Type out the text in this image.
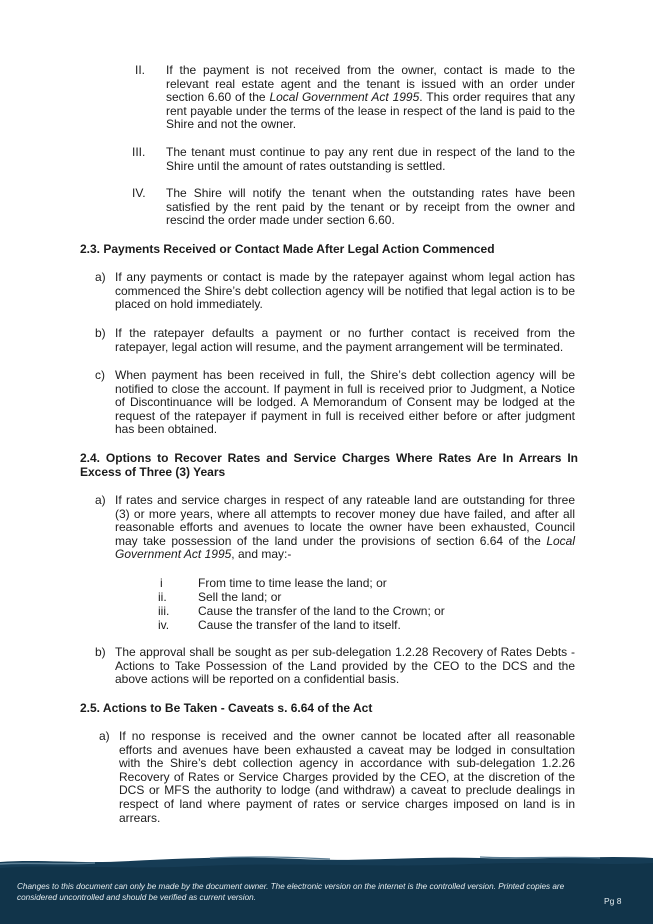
II. If the payment is not received from the owner, contact is made to the relevant real estate agent and the tenant is issued with an order under section 6.60 of the Local Government Act 1995. This order requires that any rent payable under the terms of the lease in respect of the land is paid to the Shire and not the owner.
III. The tenant must continue to pay any rent due in respect of the land to the Shire until the amount of rates outstanding is settled.
IV. The Shire will notify the tenant when the outstanding rates have been satisfied by the rent paid by the tenant or by receipt from the owner and rescind the order made under section 6.60.
2.3. Payments Received or Contact Made After Legal Action Commenced
a) If any payments or contact is made by the ratepayer against whom legal action has commenced the Shire’s debt collection agency will be notified that legal action is to be placed on hold immediately.
b) If the ratepayer defaults a payment or no further contact is received from the ratepayer, legal action will resume, and the payment arrangement will be terminated.
c) When payment has been received in full, the Shire’s debt collection agency will be notified to close the account. If payment in full is received prior to Judgment, a Notice of Discontinuance will be lodged. A Memorandum of Consent may be lodged at the request of the ratepayer if payment in full is received either before or after judgment has been obtained.
2.4. Options to Recover Rates and Service Charges Where Rates Are In Arrears In Excess of Three (3) Years
a) If rates and service charges in respect of any rateable land are outstanding for three (3) or more years, where all attempts to recover money due have failed, and after all reasonable efforts and avenues to locate the owner have been exhausted, Council may take possession of the land under the provisions of section 6.64 of the Local Government Act 1995, and may:-
i	From time to time lease the land; or
ii.	Sell the land; or
iii. Cause the transfer of the land to the Crown; or
iv. Cause the transfer of the land to itself.
b) The approval shall be sought as per sub-delegation 1.2.28 Recovery of Rates Debts - Actions to Take Possession of the Land provided by the CEO to the DCS and the above actions will be reported on a confidential basis.
2.5. Actions to Be Taken - Caveats s. 6.64 of the Act
a) If no response is received and the owner cannot be located after all reasonable efforts and avenues have been exhausted a caveat may be lodged in consultation with the Shire’s debt collection agency in accordance with sub-delegation 1.2.26 Recovery of Rates or Service Charges provided by the CEO, at the discretion of the DCS or MFS the authority to lodge (and withdraw) a caveat to preclude dealings in respect of land where payment of rates or service charges imposed on land is in arrears.
Changes to this document can only be made by the document owner. The electronic version on the internet is the controlled version. Printed copies are considered uncontrolled and should be verified as current version.	Pg 8
